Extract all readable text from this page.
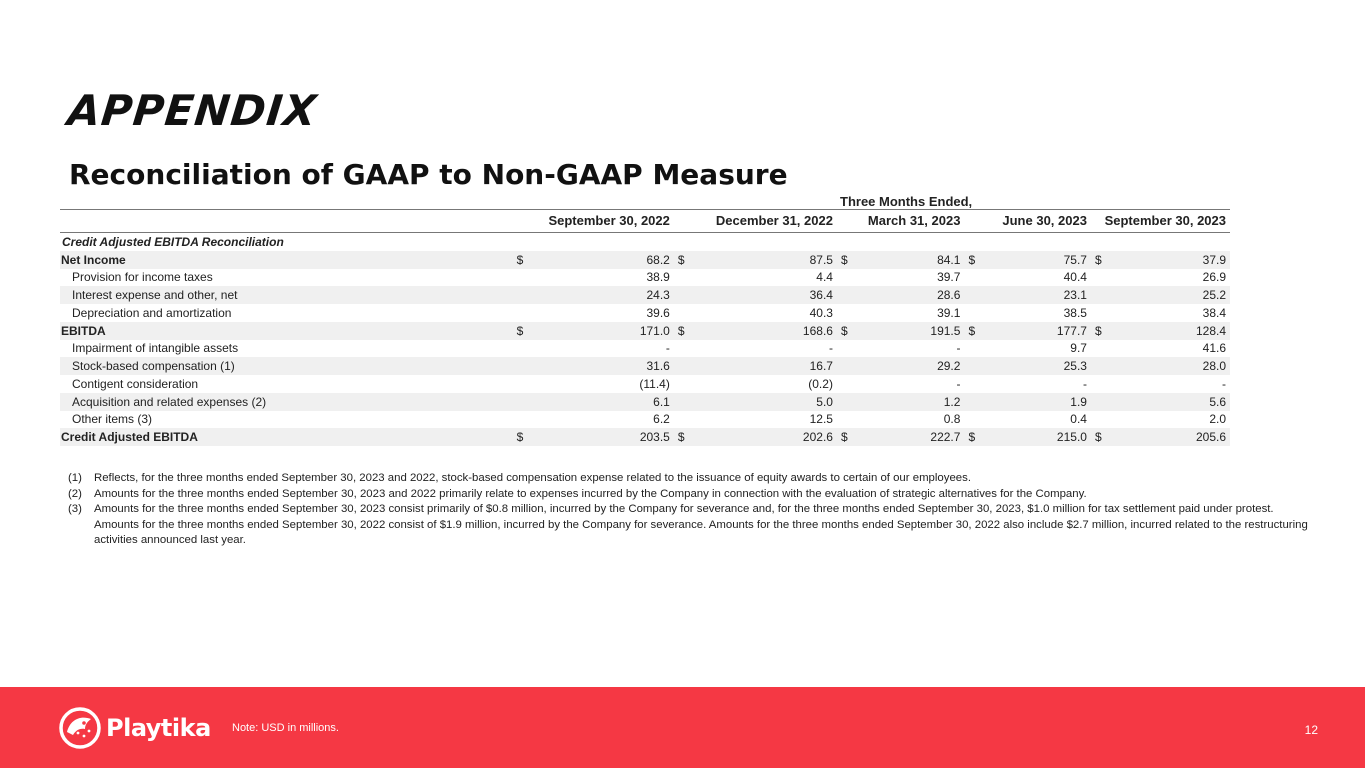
APPENDIX
Reconciliation of GAAP to Non-GAAP Measure
Three Months Ended,
	September 30, 2022		December 31, 2022		March 31, 2023		June 30, 2023		September 30, 2023	
Credit Adjusted EBITDA Reconciliation										
Net Income	$	68.2	$	87.5	$	84.1	$	75.7	$	37.9
Provision for income taxes		38.9		4.4		39.7		40.4		26.9
Interest expense and other, net		24.3		36.4		28.6		23.1		25.2
Depreciation and amortization		39.6		40.3		39.1		38.5		38.4
EBITDA	$	171.0	$	168.6	$	191.5	$	177.7	$	128.4
Impairment of intangible assets		-		-		-		9.7		41.6
Stock-based compensation (1)		31.6		16.7		29.2		25.3		28.0
Contigent consideration		(11.4)		(0.2)		-		-		-
Acquisition and related expenses (2)		6.1		5.0		1.2		1.9		5.6
Other items (3)		6.2		12.5		0.8		0.4		2.0
Credit Adjusted EBITDA	$	203.5	$	202.6	$	222.7	$	215.0	$	205.6
(1)	Reflects, for the three months ended September 30, 2023 and 2022, stock-based compensation expense related to the issuance of equity awards to certain of our employees.
(2)	Amounts for the three months ended September 30, 2023 and 2022 primarily relate to expenses incurred by the Company in connection with the evaluation of strategic alternatives for the Company.
(3)	Amounts for the three months ended September 30, 2023 consist primarily of $0.8 million, incurred by the Company for severance and, for the three months ended September 30, 2023, $1.0 million for tax settlement paid under protest. Amounts for the three months ended September 30, 2022 consist of $1.9 million, incurred by the Company for severance. Amounts for the three months ended September 30, 2022 also include $2.7 million, incurred related to the restructuring activities announced last year.
Playtika Note: USD in millions.	12
